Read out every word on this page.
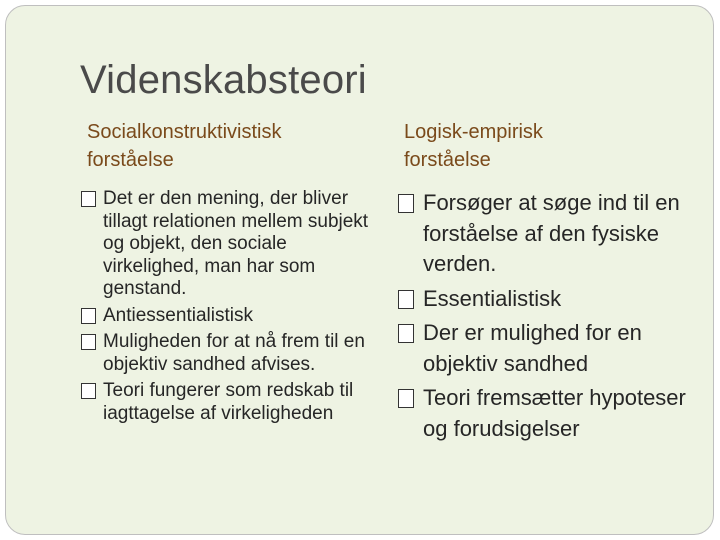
Videnskabsteori
Socialkonstruktivistisk
forståelse
Det er den mening, der bliver tillagt relationen mellem subjekt og objekt, den sociale virkelighed, man har som genstand.
Antiessentialistisk
Muligheden for at nå frem til en objektiv sandhed afvises.
Teori fungerer som redskab til iagttagelse af virkeligheden
Logisk-empirisk
forståelse
Forsøger at søge ind til en forståelse af den fysiske verden.
Essentialistisk
Der er mulighed for en objektiv sandhed
Teori fremsætter hypoteser og forudsigelser
